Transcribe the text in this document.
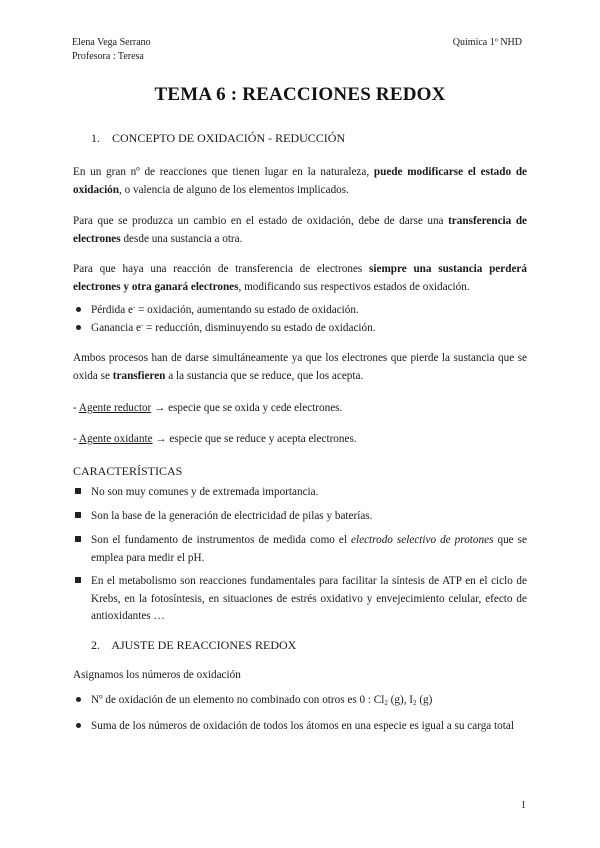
Elena Vega Serrano
Profesora : Teresa
Química 1º NHD
TEMA 6 : REACCIONES REDOX
1. CONCEPTO DE OXIDACIÓN - REDUCCIÓN
En un gran nº de reacciones que tienen lugar en la naturaleza, puede modificarse el estado de oxidación, o valencia de alguno de los elementos implicados.
Para que se produzca un cambio en el estado de oxidación, debe de darse una transferencia de electrones desde una sustancia a otra.
Para que haya una reacción de transferencia de electrones siempre una sustancia perderá electrones y otra ganará electrones, modificando sus respectivos estados de oxidación.
Pérdida e- = oxidación, aumentando su estado de oxidación.
Ganancia e- = reducción, disminuyendo su estado de oxidación.
Ambos procesos han de darse simultáneamente ya que los electrones que pierde la sustancia que se oxida se transfieren a la sustancia que se reduce, que los acepta.
- Agente reductor → especie que se oxida y cede electrones.
- Agente oxidante → especie que se reduce y acepta electrones.
CARACTERÍSTICAS
No son muy comunes y de extremada importancia.
Son la base de la generación de electricidad de pilas y baterías.
Son el fundamento de instrumentos de medida como el electrodo selectivo de protones que se emplea para medir el pH.
En el metabolismo son reacciones fundamentales para facilitar la síntesis de ATP en el ciclo de Krebs, en la fotosíntesis, en situaciones de estrés oxidativo y envejecimiento celular, efecto de antioxidantes …
2. AJUSTE DE REACCIONES REDOX
Asignamos los números de oxidación
Nº de oxidación de un elemento no combinado con otros es 0 : $Cl_2$ (g), $I_2$ (g)
Suma de los números de oxidación de todos los átomos en una especie es igual a su carga total
1
